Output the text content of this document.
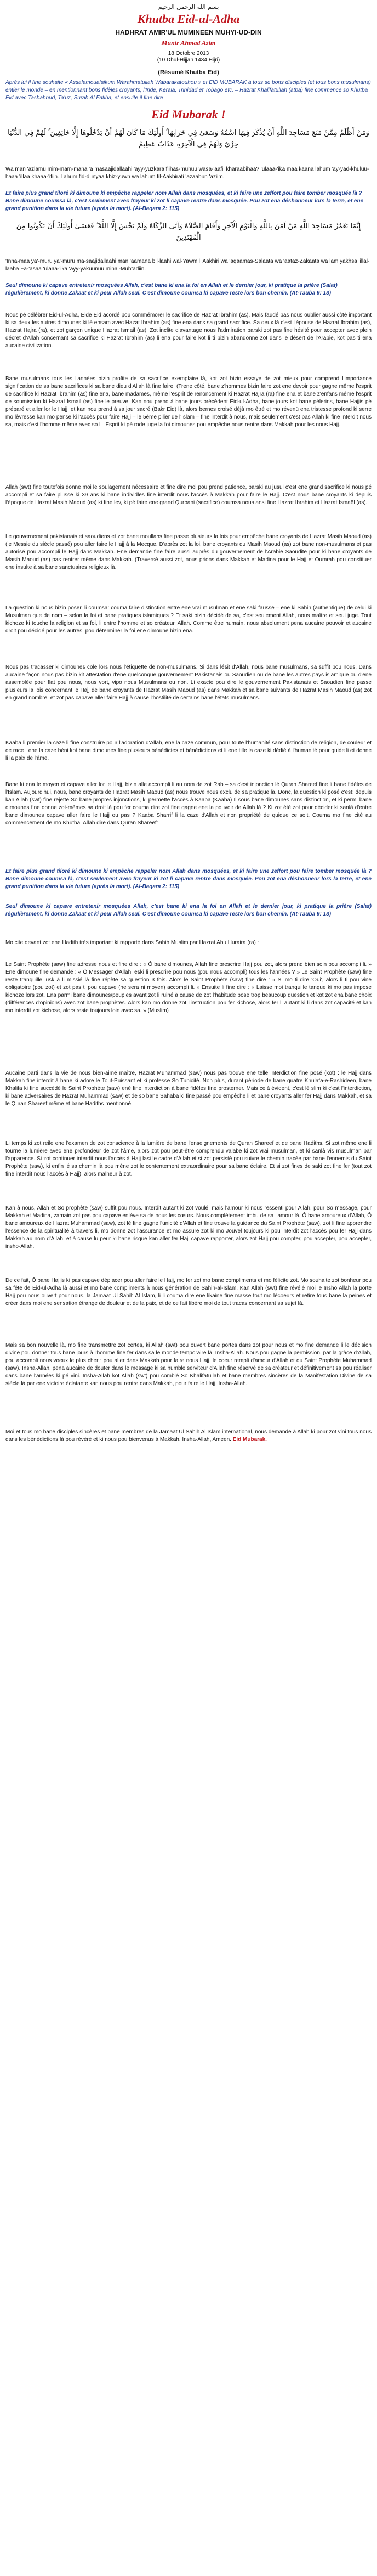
بسم الله الرحمن الرحيم
Khutba Eid-ul-Adha
HADHRAT AMIR'UL MUMINEEN MUHYI-UD-DIN
Munir Ahmad Azim
18 Octobre 2013
(10 Dhul-Hijjah 1434 Hijri)
(Résumé Khutba Eid)
Après lui il fine souhaite « Assalamoualaikum Warahmatullah Wabarakatouhou » et EID MUBARAK à tous se bons disciples (et tous bons musulmans) entier le monde – en mentionnant bons fidèles croyants, l'Inde, Kerala, Trinidad et Tobago etc. – Hazrat Khalifatullah (atba) fine commence so Khutba Eid avec Tashahhud, Ta'uz, Surah Al Fatiha, et ensuite il fine dire:
Eid Mubarak !
وَمَنْ أَظْلَمُ مِمَّنْ مَنَعَ مَسَاجِدَ اللَّهِ أَنْ يُذْكَرَ فِيهَا اسْمُهُ وَسَعَىٰ فِي خَرَابِهَا ۚ أُولَٰئِكَ مَا كَانَ لَهُمْ أَنْ يَدْخُلُوهَا إِلَّا خَائِفِينَ ۚ لَهُمْ فِي الدُّنْيَا خِزْيٌ وَلَهُمْ فِي الْآخِرَةِ عَذَابٌ عَظِيمٌ
Wa man 'azlamu mim-mam-mana 'a masaajidallaahi 'ayy-yuzkara fiihas-muhuu wasa-'aafii kharaabihaa? 'ulaaa-'ika maa kaana lahum 'ay-yad-khuluu- haaa 'illaa khaaa-'ifiin. Lahum fid-dunyaa khiz-yuwn wa lahum fil-Aakhirati 'azaabun 'aziim.
Et faire plus grand tiloré ki dimoune ki empêche rappeler nom Allah dans mosquées, et ki faire une zeffort pou faire tomber mosquée là ? Bane dimoune coumsa là, c'est seulement avec frayeur ki zot li capave rentre dans mosquée. Pou zot ena déshonneur lors la terre, et ene grand punition dans la vie future (après la mort). (Al-Baqara 2: 115)
إِنَّمَا يَعْمُرُ مَسَاجِدَ اللَّهِ مَنْ آمَنَ بِاللَّهِ وَالْيَوْمِ الْآخِرِ وَأَقَامَ الصَّلَاةَ وَآتَى الزَّكَاةَ وَلَمْ يَخْشَ إِلَّا اللَّهَ ۖ فَعَسَىٰ أُولَٰئِكَ أَنْ يَكُونُوا مِنَ الْمُهْتَدِينَ
'Inna-maa ya'-muru ya'-muru ma-saajidallaahi man 'aamana bil-laahi wal-Yawmil 'Aakhiri wa 'aqaamas-Salaata wa 'aataz-Zakaata wa lam yakhsa 'illal-laaha Fa-'asaa 'ulaaa-'ika 'ayy-yakuunuu minal-Muhtadiin.
Seul dimoune ki capave entretenir mosquées Allah, c'est bane ki ena la foi en Allah et le dernier jour, ki pratique la prière (Salat) régulièrement, ki donne Zakaat et ki peur Allah seul. C'est dimoune coumsa ki capave reste lors bon chemin. (At-Tauba 9: 18)
Nous pé célébrer Eid-ul-Adha, Eide Eid acordé pou commémorer le sacrifice de Hazrat Ibrahim (as). Mais faudé pas nous oublier aussi côté important ki sa deux les autres dimounes ki lé ensam avec Hazat Ibrahim (as) fine ena dans sa grand sacrifice. Sa deux là c'est l'épouse de Hazrat Ibrahim (as), Hazrat Hajra (ra), et zot garçon unique Hazrat Ismail (as). Zot inclite d'avantage nous l'admiration parski zot pas fine hésité pour accepter avec plein décret d'Allah concernant sa sacrifice ki Hazrat Ibrahim (as) li ena pour faire kot li ti bizin abandonne zot dans le désert de l'Arabie, kot pas ti ena aucaine civilization.
Bane musulmans tous les l'années bizin profite de sa sacrifice exemplaire là, kot zot bizin essaye de zot mieux pour comprend l'importance signification de sa bane sacrifices ki sa bane dieu d'Allah là fine faire. (Trene côté, bane z'hommes bizin faire zot ene devoir pour gagne même l'esprit de sacrifice ki Hazrat Ibrahim (as) fine ena, bane madames, même l'esprit de renoncement ki Hazrat Hajra (ra) fine ena et bane z'enfans même l'esprit de soumission ki Hazrat Ismail (as) fine le preuve. Kan nou prend à bane jours précédent Eid-ul-Adha, bane jours kot bane pèlerins, bane Hajjis pé préparé et aller lor le Hajj, et kan nou prend à sa jour sacré (Bakr Eid) là, alors bernes croisé déjà mo êtré et mo révenü ena tristesse profond ki serre mo lèvresse kan mo pense ki l'accès pour faire Hajj – le 5ème pilier de l'Islam – fine interdit à nous, mais seulement c'est pas Allah ki fine interdit nous sa, mais c'est l'homme même avec so li l'Esprit ki pé rode juge la foi dimounes pou empêche nous rentre dans Makkah pour les nous Hajj.
Allah (swt) fine toutefois donne moi le soulagement nécessaire et fine dire moi pou prend patience, parski au jusul c'est ene grand sacrifice ki nous pé accompli et sa faire plusse ki 39 ans ki bane individles fine interdit nous l'accès à Makkah pour faire le Hajj. C'est nous bane croyants ki depuis l'époque de Hazrat Masih Maoud (as) ki fine lev, ki pé faire ene grand Qurbani (sacrifice) coumsa nous ansi fine Hazrat Ibrahim et Hazrat Ismaël (as).
Le gouvernement pakistanais et saoudiens et zot bane moullahs fine passe plusieurs la lois pour empêche bane croyants de Hazrat Masih Maoud (as) (le Messie du siècle passé) pou aller faire le Hajj à la Mecque. D'après zot la loi, bane croyants du Masih Maoud (as) zot bane non-musulmans et pas autorisé pou accompli le Hajj dans Makkah. Ene demande fine faire aussi auprès du gouvernement de l'Arabie Saoudite pour ki bane croyants de Masih Maoud (as) pas rentrer même dans Makkah. (Traversé aussi zot, nous prions dans Makkah et Madina pour le Hajj et Oumrah pou constituer ene insulte à sa bane sanctuaires religieux là.
La question ki nous bizin poser, li coumsa: couma faire distinction entre ene vrai musulman et ene saki fausse – ene ki Sahih (authentique) de celui ki Musulman que de nom – selon la foi et bane pratiques islamiques ? Et saki bizin décidé de sa, c'est seulement Allah, nous maître et seul juge. Tout kichoze ki touche la religion et sa foi, li entre l'homme et so créateur, Allah. Comme être humain, nous absolument pena aucaine pouvoir et aucaine droit pou décidé pour les autres, pou déterminer la foi ene dimoune bizin ena.
Nous pas tracasser ki dimounes cole lors nous l'étiquette de non-musulmans. Si dans lésit d'Allah, nous bane musulmans, sa suffit pou nous. Dans aucaine façon nous pas bizin kit attestation d'ene quelconque gouvernement Pakistanais ou Saoudien ou de bane les autres pays islamique ou d'ene assemblée pour flat pou nous, nous vort, vipo nous Musulmans ou non. Li exacte pou dire le gouvernement Pakistanais et Saoudien fine passe plusieurs la lois concernant le Hajj de bane croyants de Hazrat Masih Maoud (as) dans Makkah et sa bane suivants de Hazrat Masih Maoud (as) zot en grand nombre, et zot pas capave aller faire Hajj à cause l'hostilité de certains bane l'états musulmans.
Kaaba li premier la caze li fine construire pour l'adoration d'Allah, ene la caze commun, pour toute l'humanité sans distinction de religion, de couleur et de race ; ene la caze béni kot bane dimounes fine plusieurs bénédictes et bénédictions et li ene tille la caze ki dédié à l'humanité pour guide li et donne li la paix de l'âme.
Bane ki ena le moyen et capave aller lor le Hajj, bizin alle accompli li au nom de zot Rab – sa c'est injonction lé Quran Shareef fine li bane fidèles de l'Islam. Aujourd'hui, nous, bane croyants de Hazrat Masih Maoud (as) nous trouve nous exclu de sa pratique là. Donc, la question ki posé c'est: depuis kan Allah (swt) fine rejette So bane propres injonctions, ki permette l'accès à Kaaba (Kaaba) Il sous bane dimounes sans distinction, et ki permi bane dimounes fine donne zot-mêmes sa droit là pou fer couma dire zot fine gagne ene la pouvoir de Allah là ? Ki zot été zot pour décider ki sanlâ d'entre bane dimounes capave aller faire le Hajj ou pas ? Kaaba Sharrif li la caze d'Allah et non propriété de quique ce soit. Couma mo fine cité au commencement de mo Khutba, Allah dire dans Quran Shareef:
Et faire plus grand tiloré ki dimoune ki empêche rappeler nom Allah dans mosquées, et ki faire une zeffort pou faire tomber mosquée là ? Bane dimoune coumsa là, c'est seulement avec frayeur ki zot li capave rentre dans mosquée. Pou zot ena déshonneur lors la terre, et ene grand punition dans la vie future (après la mort). (Al-Baqara 2: 115)
Seul dimoune ki capave entretenir mosquées Allah, c'est bane ki ena la foi en Allah et le dernier jour, ki pratique la prière (Salat) régulièrement, ki donne Zakaat et ki peur Allah seul. C'est dimoune coumsa ki capave reste lors bon chemin. (At-Tauba 9: 18)
Mo cite devant zot ene Hadith très important ki rapporté dans Sahih Muslim par Hazrat Abu Huraira (ra) :
Le Saint Prophète (saw) fine adresse nous et fine dire : « Ô bane dimounes, Allah fine prescrire Hajj pou zot, alors prend bien soin pou accompli li. » Ene dimoune fine demandé : « Ô Messager d'Allah, eski li prescrire pou nous (pou nous accompli) tous les l'années ? » Le Saint Prophète (saw) fine reste tranquille jusk à li missié là fine répète sa question 3 fois. Alors le Saint Prophète (saw) fine dire : « Si mo ti dire 'Oui', alors li ti pou vine obligatoire (pou zot) et zot pas ti pou capave (ne sera ni moyen) accompli li. » Ensuite li fine dire : « Laisse moi tranquille tanque ki mo pas impose kichoze lors zot. Ena parmi bane dimounes/peuples avant zot li ruiné à cause de zot l'habitude pose trop beaucoup question et kot zot ena bane choix (différences d'opinions) avec zot bane prophètes. Alors kan mo donne zot l'instruction pou fer kichose, alors fer li autant ki li dans zot capacité et kan mo interdit zot kichose, alors reste toujours loin avec sa. » (Muslim)
Aucaine parti dans la vie de nous bien-aimé maître, Hazrat Muhammad (saw) nous pas trouve ene telle interdiction fine posé (kot) : le Hajj dans Makkah fine interdit à bane ki adore le Tout-Puissant et ki professe So Tunicité. Non plus, durant période de bane quatre Khulafa-e-Rashideen, bane Khalifa ki fine succédé le Saint Prophète (saw) ené fine interdiction à bane fidèles fine prosterner. Mais celà évident, c'est lé slim ki c'est l'interdiction, ki bane adversaires de Hazrat Muhammad (saw) et de so bane Sahaba ki fine passé pou empêche li et bane croyants aller fer Hajj dans Makkah, et sa le Quran Shareef même et bane Hadiths mentionné.
Li temps ki zot reile ene l'examen de zot conscience à la lumière de bane l'enseignements de Quran Shareef et de bane Hadiths. Si zot même ene li tourne la lumière avec ene profondeur de zot l'âme, alors zot pou peut-être comprendu valabe ki zot vrai musulman, et ki sanlâ vis musulman par l'apparence. Si zot continuer interdit nous l'accès à Hajj lasi le cadre d'Allah et si zot persisté pou suivre le chemin tracée par bane l'ennemis du Saint Prophète (saw), ki enfin lé sa chemin là pou mène zot le contentement extraordinaire pour sa bane éclaire. Et si zot fines de saki zot fine fer (tout zot fine interdit nous l'accès à Hajj), alors malheur à zot.
Kan à nous, Allah et So prophète (saw) suffit pou nous. Interdit autant ki zot voulé, mais l'amour ki nous ressenti pour Allah, pour So message, pour Makkah et Madina, zamain zot pas pou capave enlève sa de nous les cœurs. Nous complètement imbu de sa l'amour là. Ô bane amoureux d'Allah, Ô bane amoureux de Hazrat Muhammad (saw), zot lé fine gagne l'unicité d'Allah et fine trouve la guidance du Saint Prophète (saw), zot li fine apprendre l'essence de la spiritualité à travers li, mo donne zot l'assurance et mo assure zot ki mo Jouvel toujours ki pou interdit zot l'accès pou fer Hajj dans Makkah au nom d'Allah, et à cause lu peur ki bane risque kan aller fer Hajj capave rapporter, alors zot Hajj pou compter, pou accepter, pou accepter, insho-Allah.
De ce fait, Ô bane Hajjis ki pas capave déplacer pou aller faire le Hajj, mo fer zot mo bane compliments et mo félicite zot. Mo souhaite zot bonheur pou sa fête de Eid-ul-Adha là aussi et mo bane compliments à nous génération de Sahih-al-Islam. Kan Allah (swt) fine révélé moi le Insho Allah la porte Hajj pou nous ouvert pour nous, la Jamaat Ul Sahih Al Islam, li li couma dire ene likaine fine masse tout mo lécoeurs et retire tous bane la peines et créer dans moi ene sensation étrange de douleur et de la paix, et de ce fait libère moi de tout tracas concernant sa sujet là.
Mais sa bon nouvelle là, mo fine transmettre zot certes, ki Allah (swt) pou ouvert bane portes dans zot pour nous et mo fine demande li le décision divine pou donner tous bane jours à l'homme fine fer dans sa le monde temporaire là. Insha-Allah. Nous pou gagne la permission, par la grâce d'Allah, pou accompli nous voeux le plus cher : pou aller dans Makkah pour faire nous Hajj, le coeur rempli d'amour d'Allah et du Saint Prophète Muhammad (saw). Insha-Allah, pena aucaine de douter dans le message ki sa humble serviteur d'Allah fine réservé de sa créateur et définitivement sa pou réaliser dans bane l'années ki pé vini. Insha-Allah kot Allah (swt) pou comblé So Khalifatullah et bane membres sincères de la Manifestation Divine de sa siècle là par ene victoire éclatante kan nous pou rentre dans Makkah, pour faire le Hajj, Insha-Allah.
Moi et tous mo bane disciples sincères et bane membres de la Jamaat Ul Sahih Al Islam international, nous demande à Allah ki pour zot vini tous nous dans les bénédictions là pou révéré et ki nous pou bienvenus à Makkah. Insha-Allah, Ameen. Eid Mubarak.
